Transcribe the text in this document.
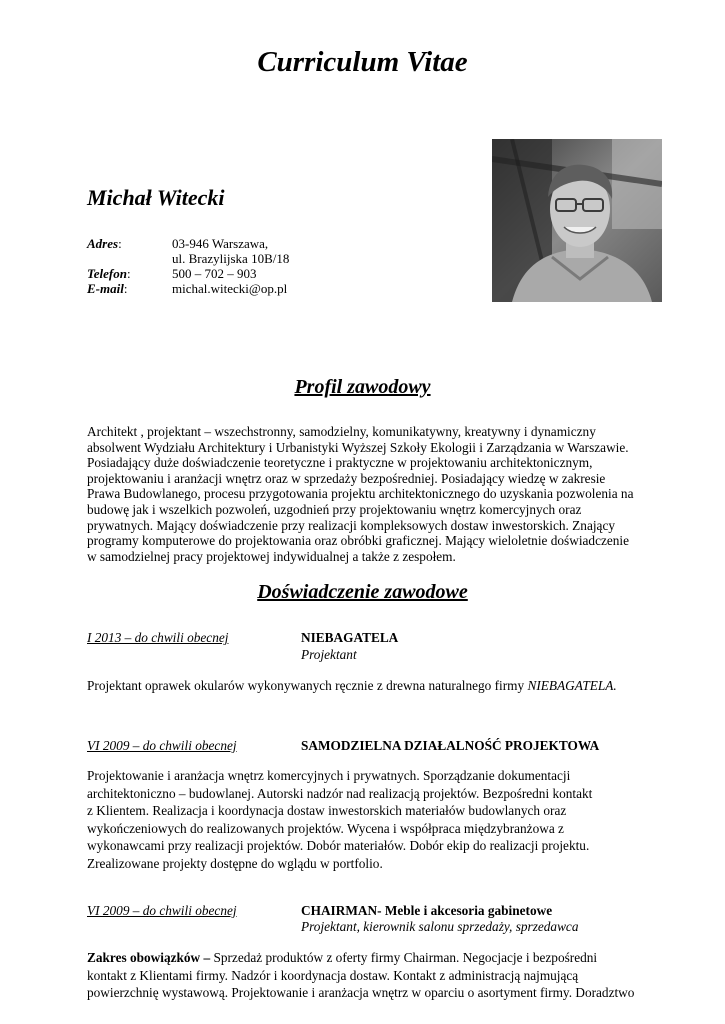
Curriculum Vitae
Michał Witecki
Adres:	03-946 Warszawa,
ul. Brazylijska 10B/18
Telefon:	500 – 702 – 903
E-mail:	michal.witecki@op.pl
Profil zawodowy
Architekt , projektant – wszechstronny, samodzielny, komunikatywny, kreatywny i dynamiczny
absolwent Wydziału Architektury i Urbanistyki Wyższej Szkoły Ekologii i Zarządzania w Warszawie.
Posiadający duże doświadczenie teoretyczne i praktyczne w projektowaniu architektonicznym,
projektowaniu i aranżacji wnętrz oraz w sprzedaży bezpośredniej. Posiadający wiedzę w zakresie
Prawa Budowlanego, procesu przygotowania projektu architektonicznego do uzyskania pozwolenia na
budowę jak i wszelkich pozwoleń, uzgodnień przy projektowaniu wnętrz komercyjnych oraz
prywatnych. Mający doświadczenie przy realizacji kompleksowych dostaw inwestorskich. Znający
programy komputerowe do projektowania oraz obróbki graficznej. Mający wieloletnie doświadczenie
w samodzielnej pracy projektowej indywidualnej a także z zespołem.
Doświadczenie zawodowe
I 2013 – do chwili obecnej	NIEBAGATELA
Projektant
Projektant oprawek okularów wykonywanych ręcznie z drewna naturalnego firmy NIEBAGATELA.
VI 2009 – do chwili obecnej	SAMODZIELNA DZIAŁALNOŚĆ PROJEKTOWA
Projektowanie i aranżacja wnętrz komercyjnych i prywatnych. Sporządzanie dokumentacji
architektoniczno – budowlanej. Autorski nadzór nad realizacją projektów. Bezpośredni kontakt
z Klientem. Realizacja i koordynacja dostaw inwestorskich materiałów budowlanych oraz
wykończeniowych do realizowanych projektów. Wycena i współpraca międzybranżowa z
wykonawcami przy realizacji projektów. Dobór materiałów. Dobór ekip do realizacji projektu.
Zrealizowane projekty dostępne do wglądu w portfolio.
VI 2009 – do chwili obecnej	CHAIRMAN- Meble i akcesoria gabinetowe
Projektant, kierownik salonu sprzedaży, sprzedawca
Zakres obowiązków – Sprzedaż produktów z oferty firmy Chairman. Negocjacje i bezpośredni
kontakt z Klientami firmy. Nadzór i koordynacja dostaw. Kontakt z administracją najmującą
powierzchnię wystawową. Projektowanie i aranżacja wnętrz w oparciu o asortyment firmy. Doradztwo
